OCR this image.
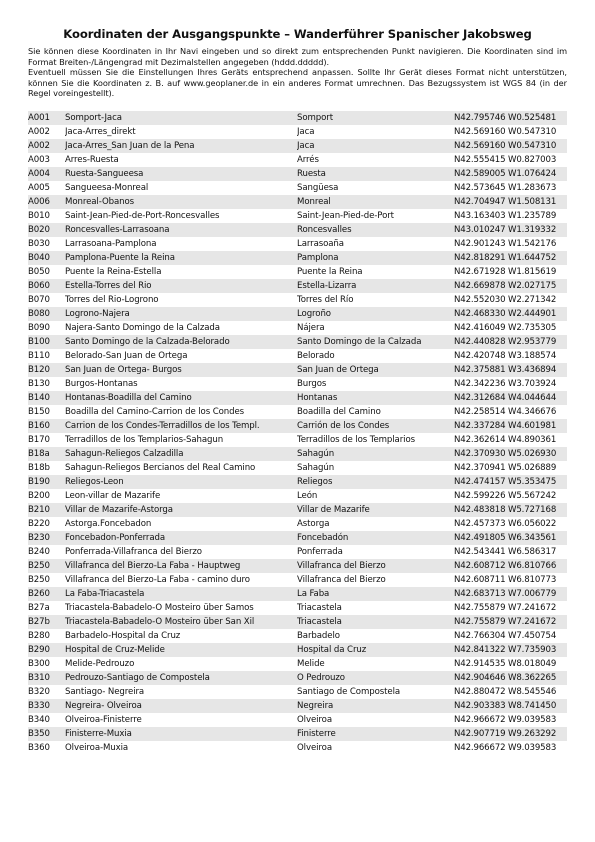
Koordinaten der Ausgangspunkte – Wanderführer Spanischer Jakobsweg

Sie können diese Koordinaten in Ihr Navi eingeben und so direkt zum entsprechenden Punkt navigieren. Die Koordinaten sind im Format Breiten-/Längengrad mit Dezimalstellen angegeben (hddd.ddddd).

Eventuell müssen Sie die Einstellungen Ihres Geräts entsprechend anpassen. Sollte Ihr Gerät dieses Format nicht unterstützen, können Sie die Koordinaten z. B. auf www.geoplaner.de in ein anderes Format umrechnen. Das Bezugssystem ist WGS 84 (in der Regel voreingestellt).

A001	Somport-Jaca	Somport	N42.795746 W0.525481
A002	Jaca-Arres_direkt	Jaca	N42.569160 W0.547310
A002	Jaca-Arres_San Juan de la Pena	Jaca	N42.569160 W0.547310
A003	Arres-Ruesta	Arrés	N42.555415 W0.827003
A004	Ruesta-Sangueesa	Ruesta	N42.589005 W1.076424
A005	Sangueesa-Monreal	Sangüesa	N42.573645 W1.283673
A006	Monreal-Obanos	Monreal	N42.704947 W1.508131
B010	Saint-Jean-Pied-de-Port-Roncesvalles	Saint-Jean-Pied-de-Port	N43.163403 W1.235789
B020	Roncesvalles-Larrasoana	Roncesvalles	N43.010247 W1.319332
B030	Larrasoana-Pamplona	Larrasoaña	N42.901243 W1.542176
B040	Pamplona-Puente la Reina	Pamplona	N42.818291 W1.644752
B050	Puente la Reina-Estella	Puente la Reina	N42.671928 W1.815619
B060	Estella-Torres del Rio	Estella-Lizarra	N42.669878 W2.027175
B070	Torres del Rio-Logrono	Torres del Río	N42.552030 W2.271342
B080	Logrono-Najera	Logroño	N42.468330 W2.444901
B090	Najera-Santo Domingo de la Calzada	Nájera	N42.416049 W2.735305
B100	Santo Domingo de la Calzada-Belorado	Santo Domingo de la Calzada	N42.440828 W2.953779
B110	Belorado-San Juan de Ortega	Belorado	N42.420748 W3.188574
B120	San Juan de Ortega- Burgos	San Juan de Ortega	N42.375881 W3.436894
B130	Burgos-Hontanas	Burgos	N42.342236 W3.703924
B140	Hontanas-Boadilla del Camino	Hontanas	N42.312684 W4.044644
B150	Boadilla del Camino-Carrion de los Condes	Boadilla del Camino	N42.258514 W4.346676
B160	Carrion de los Condes-Terradillos de los Templ.	Carrión de los Condes	N42.337284 W4.601981
B170	Terradillos de los Templarios-Sahagun	Terradillos de los Templarios	N42.362614 W4.890361
B18a	Sahagun-Reliegos Calzadilla	Sahagún	N42.370930 W5.026930
B18b	Sahagun-Reliegos Bercianos del Real Camino	Sahagún	N42.370941 W5.026889
B190	Reliegos-Leon	Reliegos	N42.474157 W5.353475
B200	Leon-villar de Mazarife	León	N42.599226 W5.567242
B210	Villar de Mazarife-Astorga	Villar de Mazarife	N42.483818 W5.727168
B220	Astorga.Foncebadon	Astorga	N42.457373 W6.056022
B230	Foncebadon-Ponferrada	Foncebadón	N42.491805 W6.343561
B240	Ponferrada-Villafranca del Bierzo	Ponferrada	N42.543441 W6.586317
B250	Villafranca del Bierzo-La Faba - Hauptweg	Villafranca del Bierzo	N42.608712 W6.810766
B250	Villafranca del Bierzo-La Faba - camino duro	Villafranca del Bierzo	N42.608711 W6.810773
B260	La Faba-Triacastela	La Faba	N42.683713 W7.006779
B27a	Triacastela-Babadelo-O Mosteiro über Samos	Triacastela	N42.755879 W7.241672
B27b	Triacastela-Babadelo-O Mosteiro über San Xil	Triacastela	N42.755879 W7.241672
B280	Barbadelo-Hospital da Cruz	Barbadelo	N42.766304 W7.450754
B290	Hospital de Cruz-Melide	Hospital da Cruz	N42.841322 W7.735903
B300	Melide-Pedrouzo	Melide	N42.914535 W8.018049
B310	Pedrouzo-Santiago de Compostela	O Pedrouzo	N42.904646 W8.362265
B320	Santiago- Negreira	Santiago de Compostela	N42.880472 W8.545546
B330	Negreira- Olveiroa	Negreira	N42.903383 W8.741450
B340	Olveiroa-Finisterre	Olveiroa	N42.966672 W9.039583
B350	Finisterre-Muxia	Finisterre	N42.907719 W9.263292
B360	Olveiroa-Muxia	Olveiroa	N42.966672 W9.039583
